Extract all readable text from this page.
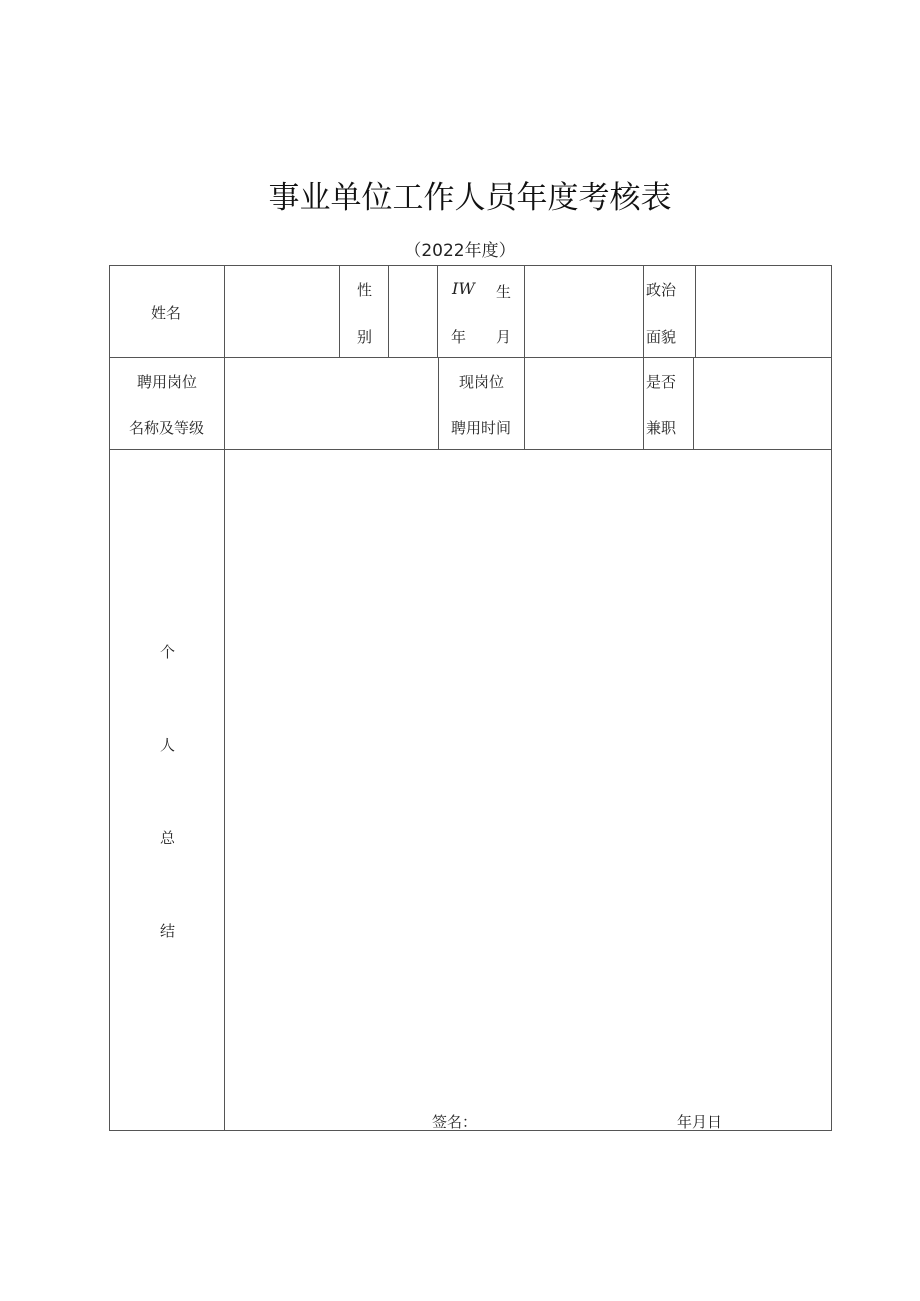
事业单位工作人员年度考核表
（2022年度）
姓名
性
别
IW 生
年 月
政治
面貌
聘用岗位
名称及等级
现岗位
聘用时间
是否
兼职
个
人
总
结
签名：	年月日
